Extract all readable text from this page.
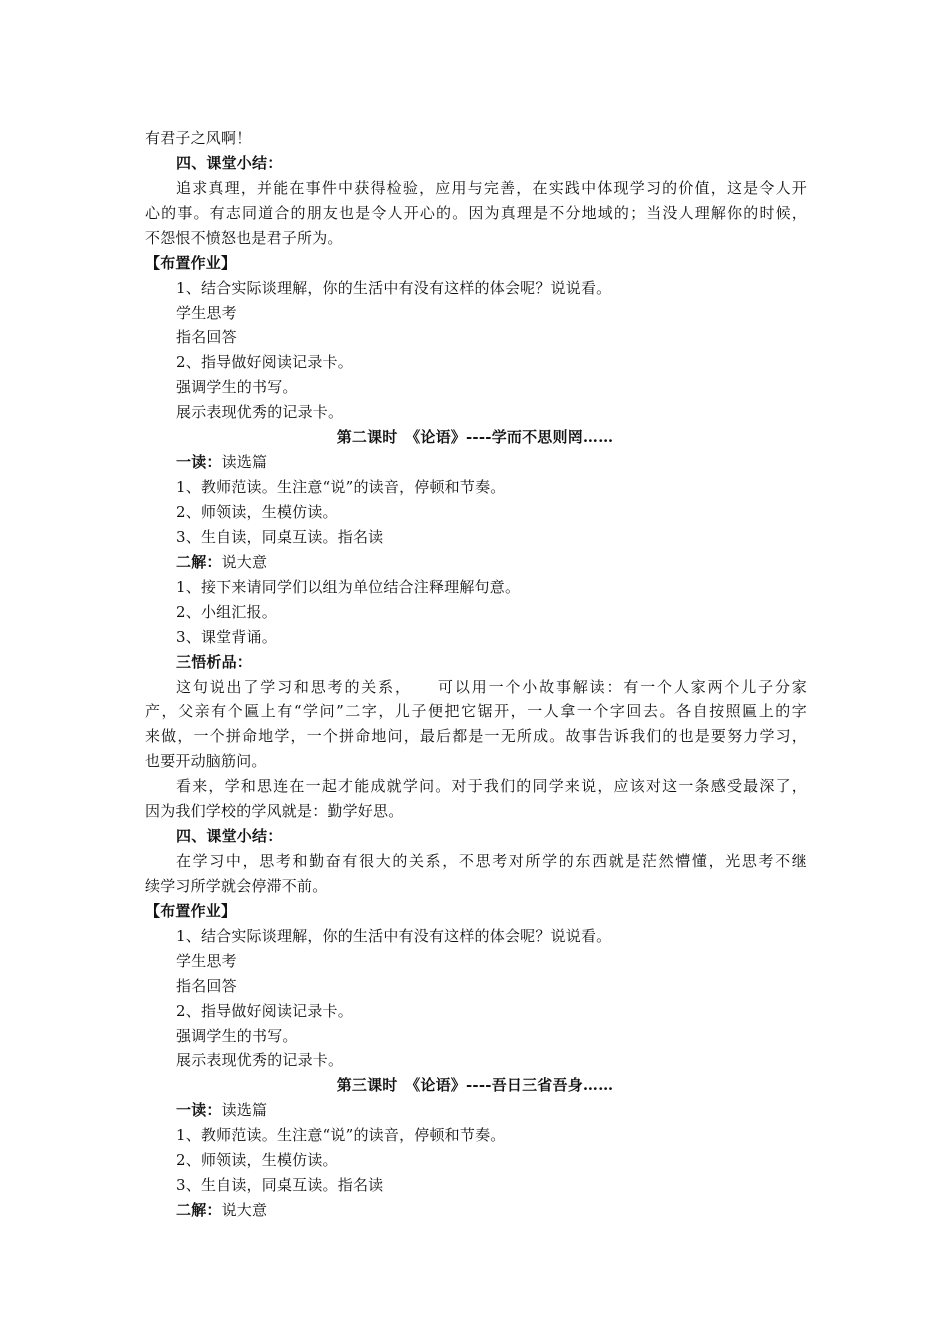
有君子之风啊！
四、课堂小结：
追求真理，并能在事件中获得检验，应用与完善，在实践中体现学习的价值，这是令人开
心的事。有志同道合的朋友也是令人开心的。因为真理是不分地域的；当没人理解你的时候，
不怨恨不愤怒也是君子所为。
【布置作业】
1、结合实际谈理解，你的生活中有没有这样的体会呢？说说看。
学生思考
指名回答
2、指导做好阅读记录卡。
强调学生的书写。
展示表现优秀的记录卡。
第二课时　《论语》----学而不思则罔……
一读：读选篇
1、教师范读。生注意“说”的读音，停顿和节奏。
2、师领读，生模仿读。
3、生自读，同桌互读。指名读
二解：说大意
1、接下来请同学们以组为单位结合注释理解句意。
2、小组汇报。
3、课堂背诵。
三悟析品：
这句说出了学习和思考的关系，　　可以用一个小故事解读：有一个人家两个儿子分家
产，父亲有个匾上有“学问”二字，儿子便把它锯开，一人拿一个字回去。各自按照匾上的字
来做，一个拼命地学，一个拼命地问，最后都是一无所成。故事告诉我们的也是要努力学习，
也要开动脑筋问。
看来，学和思连在一起才能成就学问。对于我们的同学来说，应该对这一条感受最深了，
因为我们学校的学风就是：勤学好思。
四、课堂小结：
在学习中，思考和勤奋有很大的关系，不思考对所学的东西就是茫然懵懂，光思考不继
续学习所学就会停滞不前。
【布置作业】
1、结合实际谈理解，你的生活中有没有这样的体会呢？说说看。
学生思考
指名回答
2、指导做好阅读记录卡。
强调学生的书写。
展示表现优秀的记录卡。
第三课时　《论语》----吾日三省吾身……
一读：读选篇
1、教师范读。生注意“说”的读音，停顿和节奏。
2、师领读，生模仿读。
3、生自读，同桌互读。指名读
二解：说大意
